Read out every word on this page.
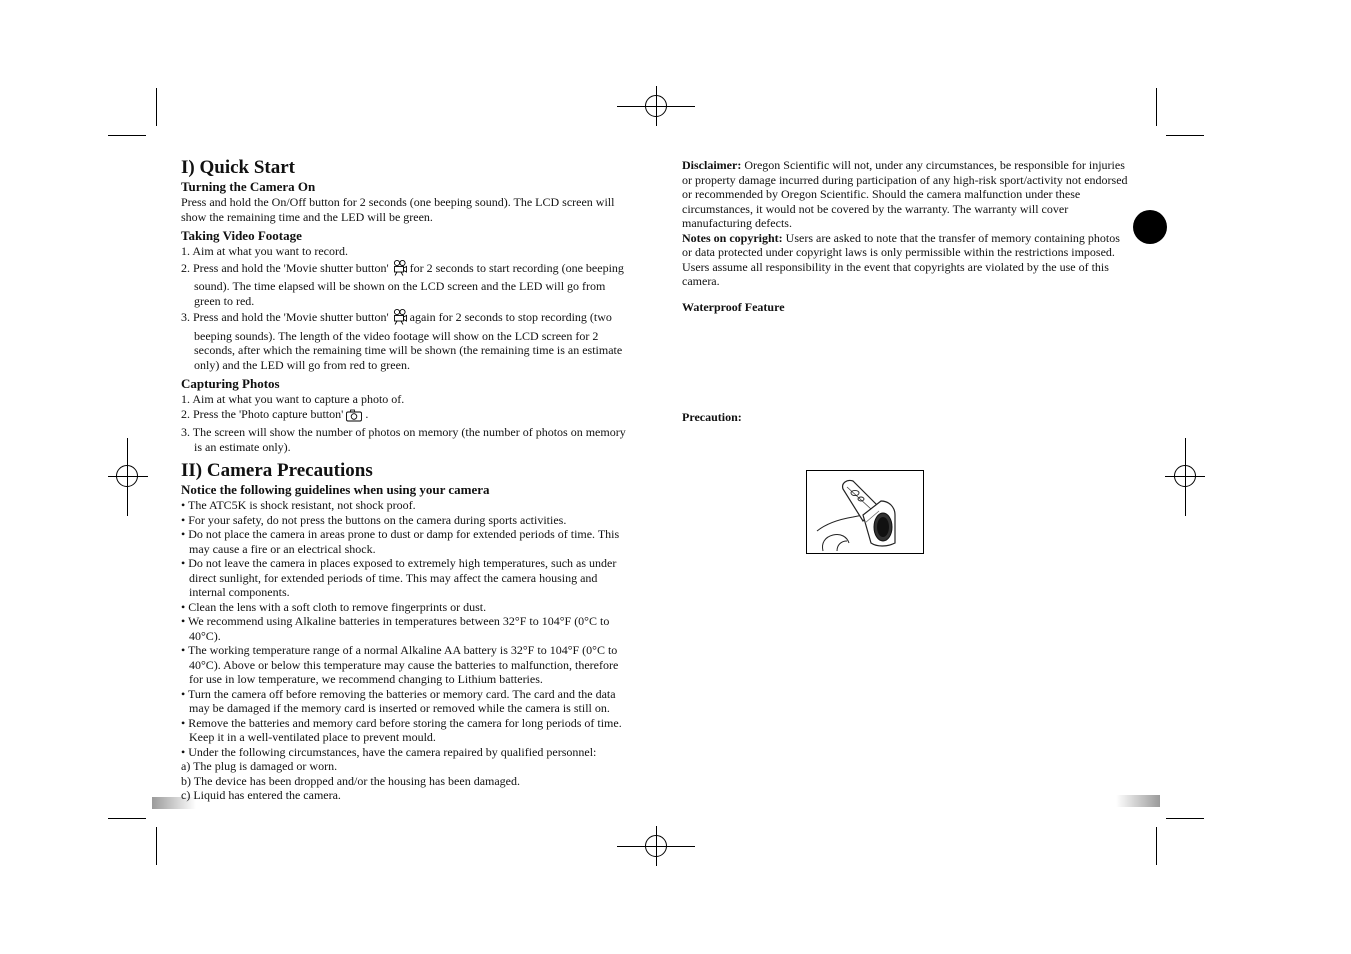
I) Quick Start
Turning the Camera On

Press and hold the On/Off button for 2 seconds (one beeping sound). The LCD screen will show the remaining time and the LED will be green.

Taking Video Footage
1. Aim at what you want to record.
2. Press and hold the 'Movie shutter button' for 2 seconds to start recording (one beeping sound). The time elapsed will be shown on the LCD screen and the LED will go from green to red.
3. Press and hold the 'Movie shutter button' again for 2 seconds to stop recording (two beeping sounds). The length of the video footage will show on the LCD screen for 2 seconds, after which the remaining time will be shown (the remaining time is an estimate only) and the LED will go from red to green.
Capturing Photos
1. Aim at what you want to capture a photo of.
2. Press the 'Photo capture button' .
3. The screen will show the number of photos on memory (the number of photos on memory is an estimate only).
II) Camera Precautions
Notice the following guidelines when using your camera
• The ATC5K is shock resistant, not shock proof.
• For your safety, do not press the buttons on the camera during sports activities.
• Do not place the camera in areas prone to dust or damp for extended periods of time. This may cause a fire or an electrical shock.
• Do not leave the camera in places exposed to extremely high temperatures, such as under direct sunlight, for extended periods of time. This may affect the camera housing and internal components.
• Clean the lens with a soft cloth to remove fingerprints or dust.
• We recommend using Alkaline batteries in temperatures between 32°F to 104°F (0°C to 40°C).
• The working temperature range of a normal Alkaline AA battery is 32°F to 104°F (0°C to 40°C). Above or below this temperature may cause the batteries to malfunction, therefore for use in low temperature, we recommend changing to Lithium batteries.
• Turn the camera off before removing the batteries or memory card. The card and the data may be damaged if the memory card is inserted or removed while the camera is still on.
• Remove the batteries and memory card before storing the camera for long periods of time. Keep it in a well-ventilated place to prevent mould.
• Under the following circumstances, have the camera repaired by qualified personnel:
a) The plug is damaged or worn.
b) The device has been dropped and/or the housing has been damaged.
c) Liquid has entered the camera.

Disclaimer: Oregon Scientific will not, under any circumstances, be responsible for injuries or property damage incurred during participation of any high-risk sport/activity not endorsed or recommended by Oregon Scientific. Should the camera malfunction under these circumstances, it would not be covered by the warranty. The warranty will cover manufacturing defects.

Notes on copyright: Users are asked to note that the transfer of memory containing photos or data protected under copyright laws is only permissible within the restrictions imposed. Users assume all responsibility in the event that copyrights are violated by the use of this camera.

Waterproof Feature

Precaution:
